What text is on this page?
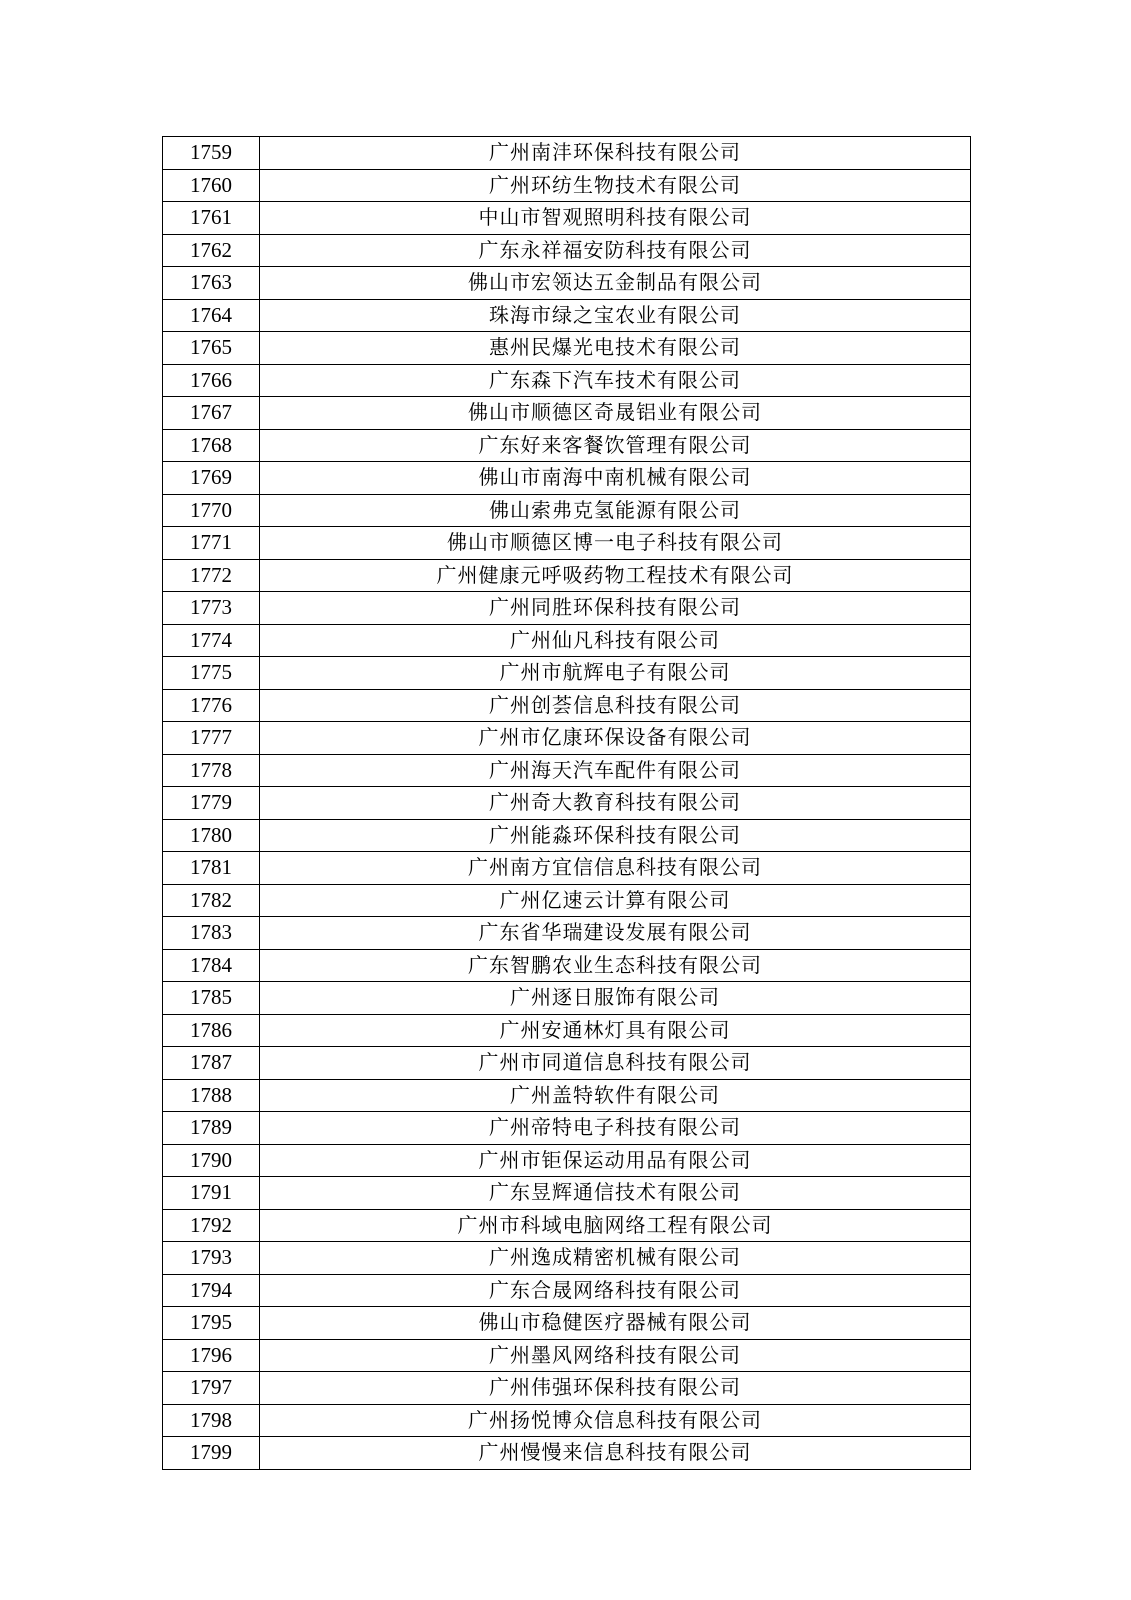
1759	广州南沣环保科技有限公司
1760	广州环纺生物技术有限公司
1761	中山市智观照明科技有限公司
1762	广东永祥福安防科技有限公司
1763	佛山市宏领达五金制品有限公司
1764	珠海市绿之宝农业有限公司
1765	惠州民爆光电技术有限公司
1766	广东森下汽车技术有限公司
1767	佛山市顺德区奇晟铝业有限公司
1768	广东好来客餐饮管理有限公司
1769	佛山市南海中南机械有限公司
1770	佛山索弗克氢能源有限公司
1771	佛山市顺德区博一电子科技有限公司
1772	广州健康元呼吸药物工程技术有限公司
1773	广州同胜环保科技有限公司
1774	广州仙凡科技有限公司
1775	广州市航辉电子有限公司
1776	广州创荟信息科技有限公司
1777	广州市亿康环保设备有限公司
1778	广州海天汽车配件有限公司
1779	广州奇大教育科技有限公司
1780	广州能淼环保科技有限公司
1781	广州南方宜信信息科技有限公司
1782	广州亿速云计算有限公司
1783	广东省华瑞建设发展有限公司
1784	广东智鹏农业生态科技有限公司
1785	广州逐日服饰有限公司
1786	广州安通林灯具有限公司
1787	广州市同道信息科技有限公司
1788	广州盖特软件有限公司
1789	广州帝特电子科技有限公司
1790	广州市钜保运动用品有限公司
1791	广东昱辉通信技术有限公司
1792	广州市科域电脑网络工程有限公司
1793	广州逸成精密机械有限公司
1794	广东合晟网络科技有限公司
1795	佛山市稳健医疗器械有限公司
1796	广州墨风网络科技有限公司
1797	广州伟强环保科技有限公司
1798	广州扬悦博众信息科技有限公司
1799	广州慢慢来信息科技有限公司
